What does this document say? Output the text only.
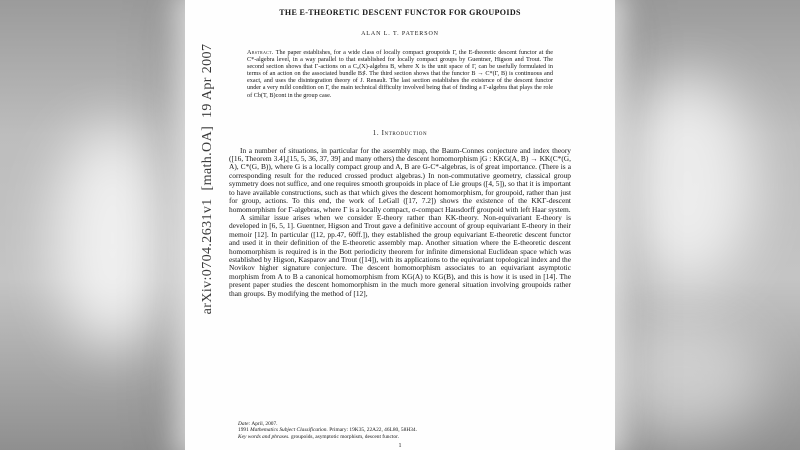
arXiv:0704.2631v1  [math.OA]  19 Apr 2007
THE E-THEORETIC DESCENT FUNCTOR FOR GROUPOIDS
ALAN L. T. PATERSON
Abstract. The paper establishes, for a wide class of locally compact groupoids Γ, the E-theoretic descent functor at the C*-algebra level, in a way parallel to that established for locally compact groups by Guentner, Higson and Trout. The second section shows that Γ-actions on a C₀(X)-algebra B, where X is the unit space of Γ, can be usefully formulated in terms of an action on the associated bundle B♯. The third section shows that the functor B → C*(Γ, B) is continuous and exact, and uses the disintegration theory of J. Renault. The last section establishes the existence of the descent functor under a very mild condition on Γ, the main technical difficulty involved being that of finding a Γ-algebra that plays the role of Cb(T, B)cont in the group case.
1. Introduction

In a number of situations, in particular for the assembly map, the Baum-Connes conjecture and index theory ([16, Theorem 3.4],[15, 5, 36, 37, 39] and many others) the descent homomorphism jG : KKG(A, B) → KK(C*(G, A), C*(G, B)), where G is a locally compact group and A, B are G-C*-algebras, is of great importance. (There is a corresponding result for the reduced crossed product algebras.) In non-commutative geometry, classical group symmetry does not suffice, and one requires smooth groupoids in place of Lie groups ([4, 5]), so that it is important to have available constructions, such as that which gives the descent homomorphism, for groupoid, rather than just for group, actions. To this end, the work of LeGall ([17, 7.2]) shows the existence of the KKΓ-descent homomorphism for Γ-algebras, where Γ is a locally compact, σ-compact Hausdorff groupoid with left Haar system.

A similar issue arises when we consider E-theory rather than KK-theory. Non-equivariant E-theory is developed in [6, 5, 1]. Guentner, Higson and Trout gave a definitive account of group equivariant E-theory in their memoir [12]. In particular ([12, pp.47, 60ff.]), they established the group equivariant E-theoretic descent functor and used it in their definition of the E-theoretic assembly map. Another situation where the E-theoretic descent homomorphism is required is in the Bott periodicity theorem for infinite dimensional Euclidean space which was established by Higson, Kasparov and Trout ([14]), with its applications to the equivariant topological index and the Novikov higher signature conjecture. The descent homomorphism associates to an equivariant asymptotic morphism from A to B a canonical homomorphism from KG(A) to KG(B), and this is how it is used in [14]. The present paper studies the descent homomorphism in the much more general situation involving groupoids rather than groups. By modifying the method of [12],

Date: April, 2007.
1991 Mathematics Subject Classification. Primary: 19K35, 22A22, 46L80, 58H34.
Key words and phrases. groupoids, asymptotic morphism, descent functor.
1
